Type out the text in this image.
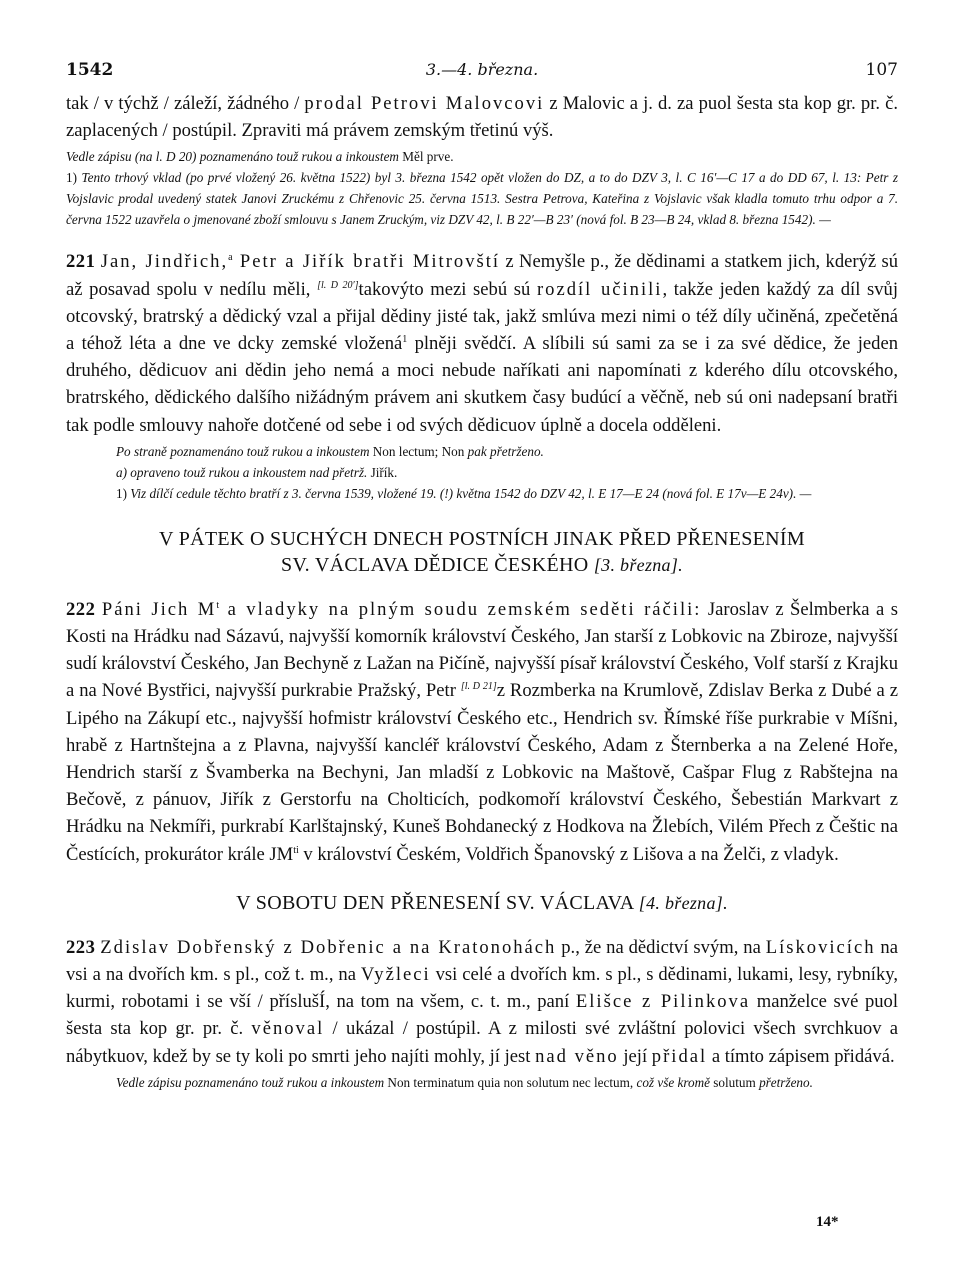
1542	3.—4. března.	107

tak / v týchž / záleží, žádného / prodal Petrovi Malovcovi z Malovic a j. d. za puol šesta sta kop gr. pr. č. zaplacených / postúpil. Zpraviti má právem zemským třetinú výš.

Vedle zápisu (na l. D 20) poznamenáno touž rukou a inkoustem Měl prve.

1) Tento trhový vklad (po prvé vložený 26. května 1522) byl 3. března 1542 opět vložen do DZ, a to do DZV 3, l. C 16′—C 17 a do DD 67, l. 13: Petr z Vojslavic prodal uvedený statek Janovi Zruckému z Chřenovic 25. června 1513. Sestra Petrova, Kateřina z Vojslavic však kladla tomuto trhu odpor a 7. června 1522 uzavřela o jmenované zboží smlouvu s Janem Zruckým, viz DZV 42, l. B 22′—B 23′ (nová fol. B 23—B 24, vklad 8. března 1542). —

221 Jan, Jindřich,$^a$ Petr a Jiřík bratři Mitrovští z Nemyšle p., že dědinami a statkem jich, kderýž sú až posavad spolu v nedílu měli, [l. D 20′]takovýto mezi sebú sú rozdíl učinili, takže jeden každý za díl svůj otcovský, bratrský a dědický vzal a přijal dědiny jisté tak, jakž smlúva mezi nimi o též díly učiněná, zpečetěná a téhož léta a dne ve dcky zemské vložená$^1$ plněji svědčí. A slíbili sú sami za se i za své dědice, že jeden druhého, dědicuov ani dědin jeho nemá a moci nebude naříkati ani napomínati z kderého dílu otcovského, bratrského, dědického dalšího nižádným právem ani skutkem časy budúcí a věčně, neb sú oni nadepsaní bratři tak podle smlouvy nahoře dotčené od sebe i od svých dědicuov úplně a docela odděleni.

Po straně poznamenáno touž rukou a inkoustem Non lectum; Non pak přetrženo.

a) opraveno touž rukou a inkoustem nad přetrž. Jiřík.

1) Viz dílčí cedule těchto bratří z 3. června 1539, vložené 19. (!) května 1542 do DZV 42, l. E 17—E 24 (nová fol. E 17v—E 24v). —

V PÁTEK O SUCHÝCH DNECH POSTNÍCH JINAK PŘED PŘENESENÍM

SV. VÁCLAVA DĚDICE ČESKÉHO [3. března].

222 Páni Jich $M^t$ a vladyky na plným soudu zemském seděti ráčili: Jaroslav z Šelmberka a s Kosti na Hrádku nad Sázavú, najvyšší komorník království Českého, Jan starší z Lobkovic na Zbiroze, najvyšší sudí království Českého, Jan Bechyně z Lažan na Pičíně, najvyšší písař království Českého, Volf starší z Krajku a na Nové Bystřici, najvyšší purkrabie Pražský, Petr [l. D 21]z Rozmberka na Krumlově, Zdislav Berka z Dubé a z Lipého na Zákupí etc., najvyšší hofmistr království Českého etc., Hendrich sv. Římské říše purkrabie v Míšni, hrabě z Hartnštejna a z Plavna, najvyšší kancléř království Českého, Adam z Šternberka a na Zelené Hoře, Hendrich starší z Švamberka na Bechyni, Jan mladší z Lobkovic na Maštově, Cašpar Flug z Rabštejna na Bečově, z pánuov, Jiřík z Gerstorfu na Cholticích, podkomoří království Českého, Šebestián Markvart z Hrádku na Nekmíři, purkrabí Karlštajnský, Kuneš Bohdanecký z Hodkova na Žlebích, Vilém Přech z Češtic na Čestících, prokurátor krále $JM^{ti}$ v království Českém, Voldřich Španovský z Lišova a na Želči, z vladyk.

V SOBOTU DEN PŘENESENÍ SV. VÁCLAVA [4. března].

223 Zdislav Dobřenský z Dobřenic a na Kratonohách p., že na dědictví svým, na Lískovicích na vsi a na dvořích km. s pl., což t. m., na Vyžleci vsi celé a dvořích km. s pl., s dědinami, lukami, lesy, rybníky, kurmi, robotami i se vší / příslušÍ, na tom na všem, c. t. m., paní Elišce z Pilinkova manželce své puol šesta sta kop gr. pr. č. věnoval / ukázal / postúpil. A z milosti své zvláštní polovici všech svrchkuov a nábytkuov, kdež by se ty koli po smrti jeho najíti mohly, jí jest nad věno její přidal a tímto zápisem přidává.

Vedle zápisu poznamenáno touž rukou a inkoustem Non terminatum quia non solutum nec lectum, což vše kromě solutum přetrženo.

14*
